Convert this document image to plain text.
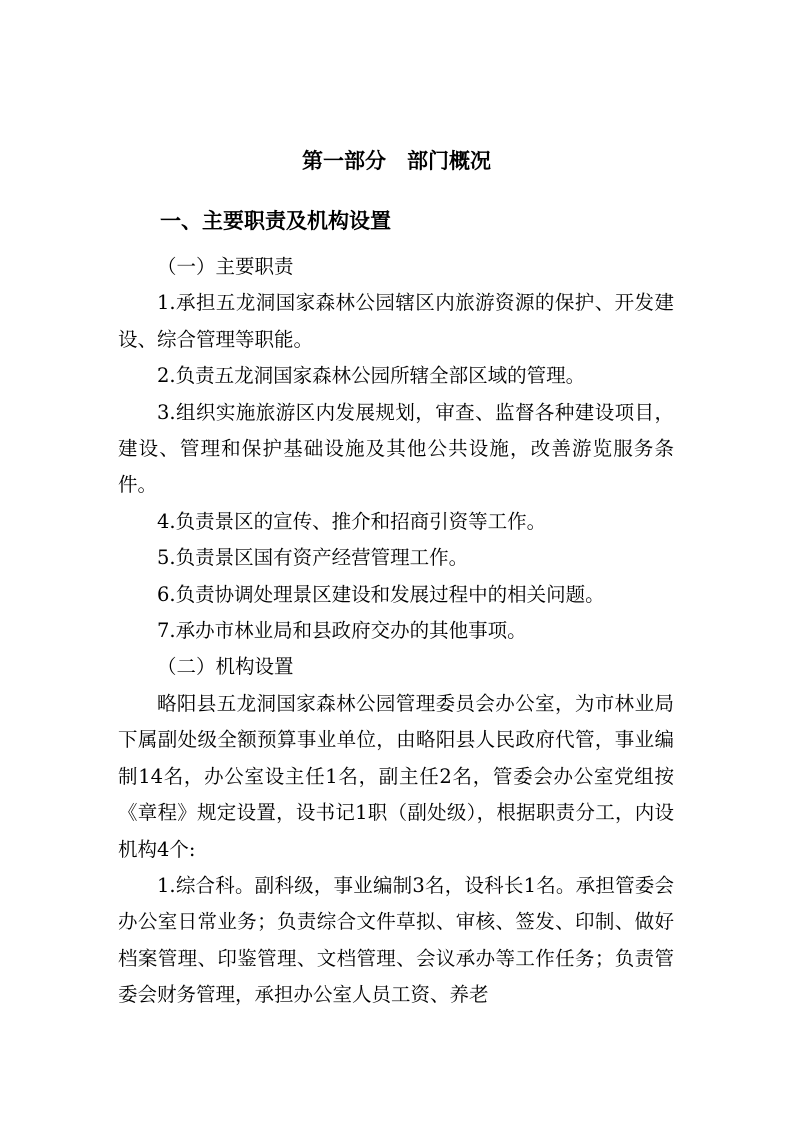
第一部分　部门概况
一、主要职责及机构设置

（一）主要职责

1.承担五龙洞国家森林公园辖区内旅游资源的保护、开发建设、综合管理等职能。

2.负责五龙洞国家森林公园所辖全部区域的管理。

3.组织实施旅游区内发展规划，审查、监督各种建设项目，建设、管理和保护基础设施及其他公共设施，改善游览服务条件。

4.负责景区的宣传、推介和招商引资等工作。

5.负责景区国有资产经营管理工作。

6.负责协调处理景区建设和发展过程中的相关问题。

7.承办市林业局和县政府交办的其他事项。

（二）机构设置

略阳县五龙洞国家森林公园管理委员会办公室，为市林业局下属副处级全额预算事业单位，由略阳县人民政府代管，事业编制14名，办公室设主任1名，副主任2名，管委会办公室党组按《章程》规定设置，设书记1职（副处级），根据职责分工，内设机构4个:

1.综合科。副科级，事业编制3名，设科长1名。承担管委会办公室日常业务；负责综合文件草拟、审核、签发、印制、做好档案管理、印鉴管理、文档管理、会议承办等工作任务；负责管委会财务管理，承担办公室人员工资、养老
